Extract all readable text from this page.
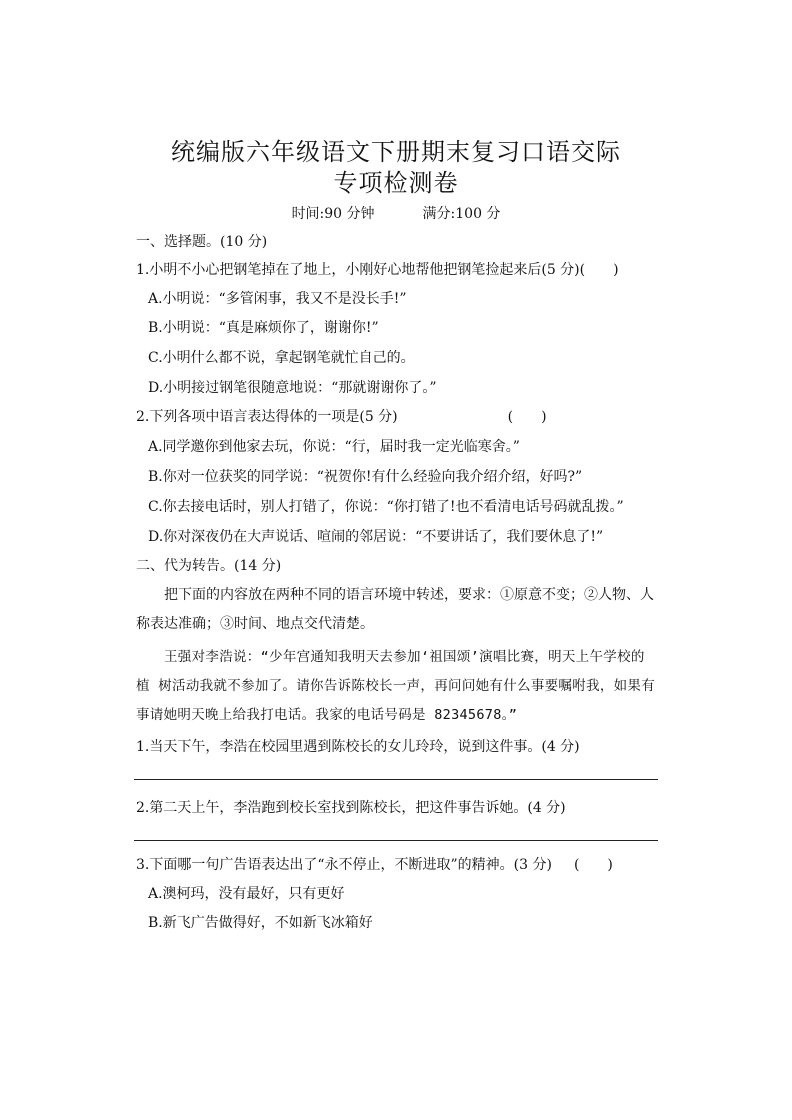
统编版六年级语文下册期末复习口语交际
专项检测卷
时间:90 分钟	满分:100 分
一、选择题。(10 分)
1.小明不小心把钢笔掉在了地上，小刚好心地帮他把钢笔捡起来后(5 分)(　　)
A.小明说：“多管闲事，我又不是没长手!”
B.小明说：“真是麻烦你了，谢谢你!”
C.小明什么都不说，拿起钢笔就忙自己的。
D.小明接过钢笔很随意地说：“那就谢谢你了。”
2.下列各项中语言表达得体的一项是(5 分)	(　　)
A.同学邀你到他家去玩，你说：“行，届时我一定光临寒舍。”
B.你对一位获奖的同学说：“祝贺你!有什么经验向我介绍介绍，好吗?”
C.你去接电话时，别人打错了，你说：“你打错了!也不看清电话号码就乱拨。”
D.你对深夜仍在大声说话、喧闹的邻居说：“不要讲话了，我们要休息了!”
二、代为转告。(14 分)
把下面的内容放在两种不同的语言环境中转述，要求：①原意不变；②人物、人称表达准确；③时间、地点交代清楚。
王强对李浩说：“少年宫通知我明天去参加‘祖国颂’演唱比赛，明天上午学校的植 树活动我就不参加了。请你告诉陈校长一声，再问问她有什么事要嘱咐我，如果有事请她明天晚上给我打电话。我家的电话号码是 82345678。”
1.当天下午，李浩在校园里遇到陈校长的女儿玲玲，说到这件事。(4 分)
2.第二天上午，李浩跑到校长室找到陈校长，把这件事告诉她。(4 分)
3.下面哪一句广告语表达出了“永不停止，不断进取”的精神。(3 分) (　　)
A.澳柯玛，没有最好，只有更好
B.新飞广告做得好，不如新飞冰箱好
